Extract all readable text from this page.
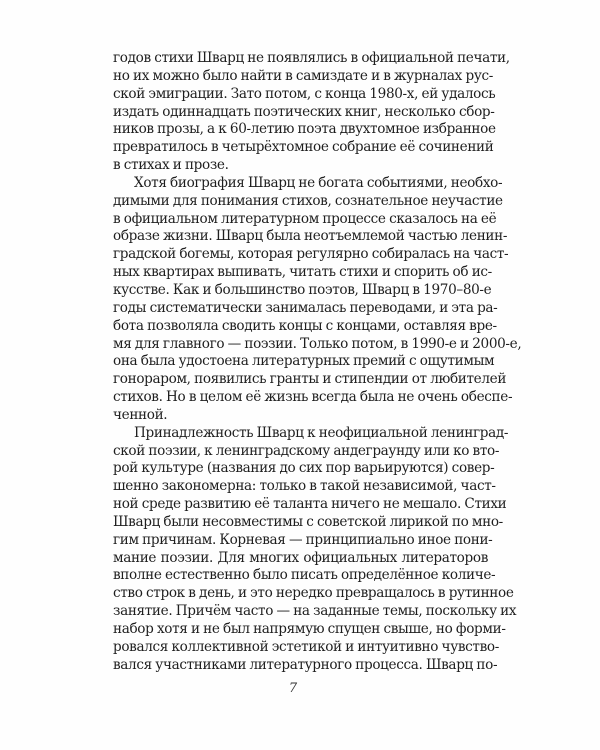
годов стихи Шварц не появлялись в официальной печати,
но их можно было найти в самиздате и в журналах рус-
ской эмиграции. Зато потом, с конца 1980-х, ей удалось
издать одиннадцать поэтических книг, несколько сбор-
ников прозы, а к 60-летию поэта двухтомное избранное
превратилось в четырёхтомное собрание её сочинений
в стихах и прозе.
Хотя биография Шварц не богата событиями, необхо-
димыми для понимания стихов, сознательное неучастие
в официальном литературном процессе сказалось на её
образе жизни. Шварц была неотъемлемой частью ленин-
градской богемы, которая регулярно собиралась на част-
ных квартирах выпивать, читать стихи и спорить об ис-
кусстве. Как и большинство поэтов, Шварц в 1970–80-е
годы систематически занималась переводами, и эта ра-
бота позволяла сводить концы с концами, оставляя вре-
мя для главного — поэзии. Только потом, в 1990-е и 2000-е,
она была удостоена литературных премий с ощутимым
гонораром, появились гранты и стипендии от любителей
стихов. Но в целом её жизнь всегда была не очень обеспе-
ченной.
Принадлежность Шварц к неофициальной ленинград-
ской поэзии, к ленинградскому андеграунду или ко вто-
рой культуре (названия до сих пор варьируются) совер-
шенно закономерна: только в такой независимой, част-
ной среде развитию её таланта ничего не мешало. Стихи
Шварц были несовместимы с советской лирикой по мно-
гим причинам. Корневая — принципиально иное пони-
мание поэзии. Для многих официальных литераторов
вполне естественно было писать определённое количе-
ство строк в день, и это нередко превращалось в рутинное
занятие. Причём часто — на заданные темы, поскольку их
набор хотя и не был напрямую спущен свыше, но форми-
ровался коллективной эстетикой и интуитивно чувство-
вался участниками литературного процесса. Шварц по-
7
